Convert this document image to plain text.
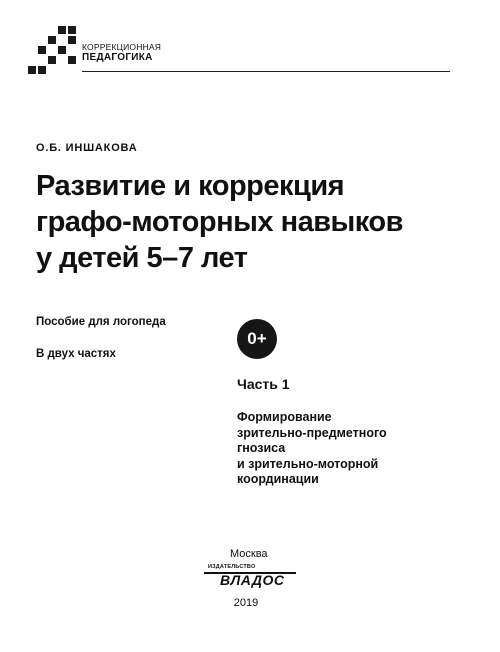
КОРРЕКЦИОННАЯ
ПЕДАГОГИКА
О.Б. ИНШАКОВА
Развитие и коррекция
графо-моторных навыков
у детей 5–7 лет
Пособие для логопеда
В двух частях
0+
Часть 1
Формирование
зрительно-предметного
гнозиса
и зрительно-моторной
координации
Москва
ИЗДАТЕЛЬСТВО
ВЛАДОС
2019
